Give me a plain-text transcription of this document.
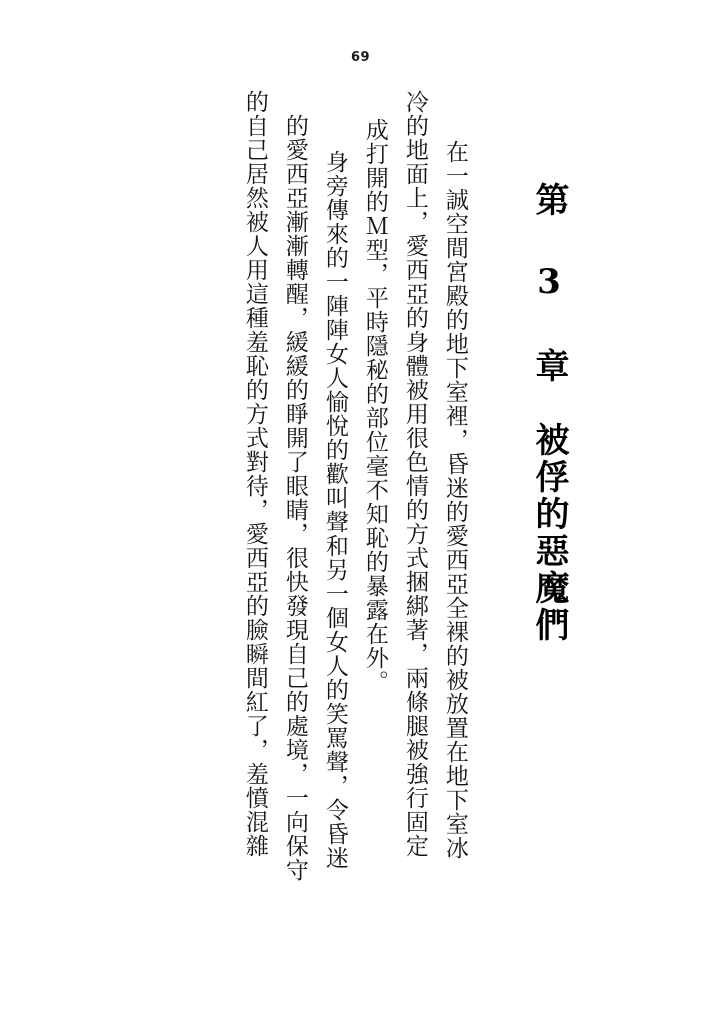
69
第 3 章　被俘的惡魔們
在一誠空間宮殿的地下室裡，昏迷的愛西亞全裸的被放置在地下室冰
冷的地面上，愛西亞的身體被用很色情的方式捆綁著，兩條腿被強行固定
成打開的Ｍ型，平時隱秘的部位毫不知恥的暴露在外。
身旁傳來的一陣陣女人愉悅的歡叫聲和另一個女人的笑罵聲，令昏迷
的愛西亞漸漸轉醒，緩緩的睜開了眼睛，很快發現自己的處境，一向保守
的自己居然被人用這種羞恥的方式對待，愛西亞的臉瞬間紅了，羞憤混雜
